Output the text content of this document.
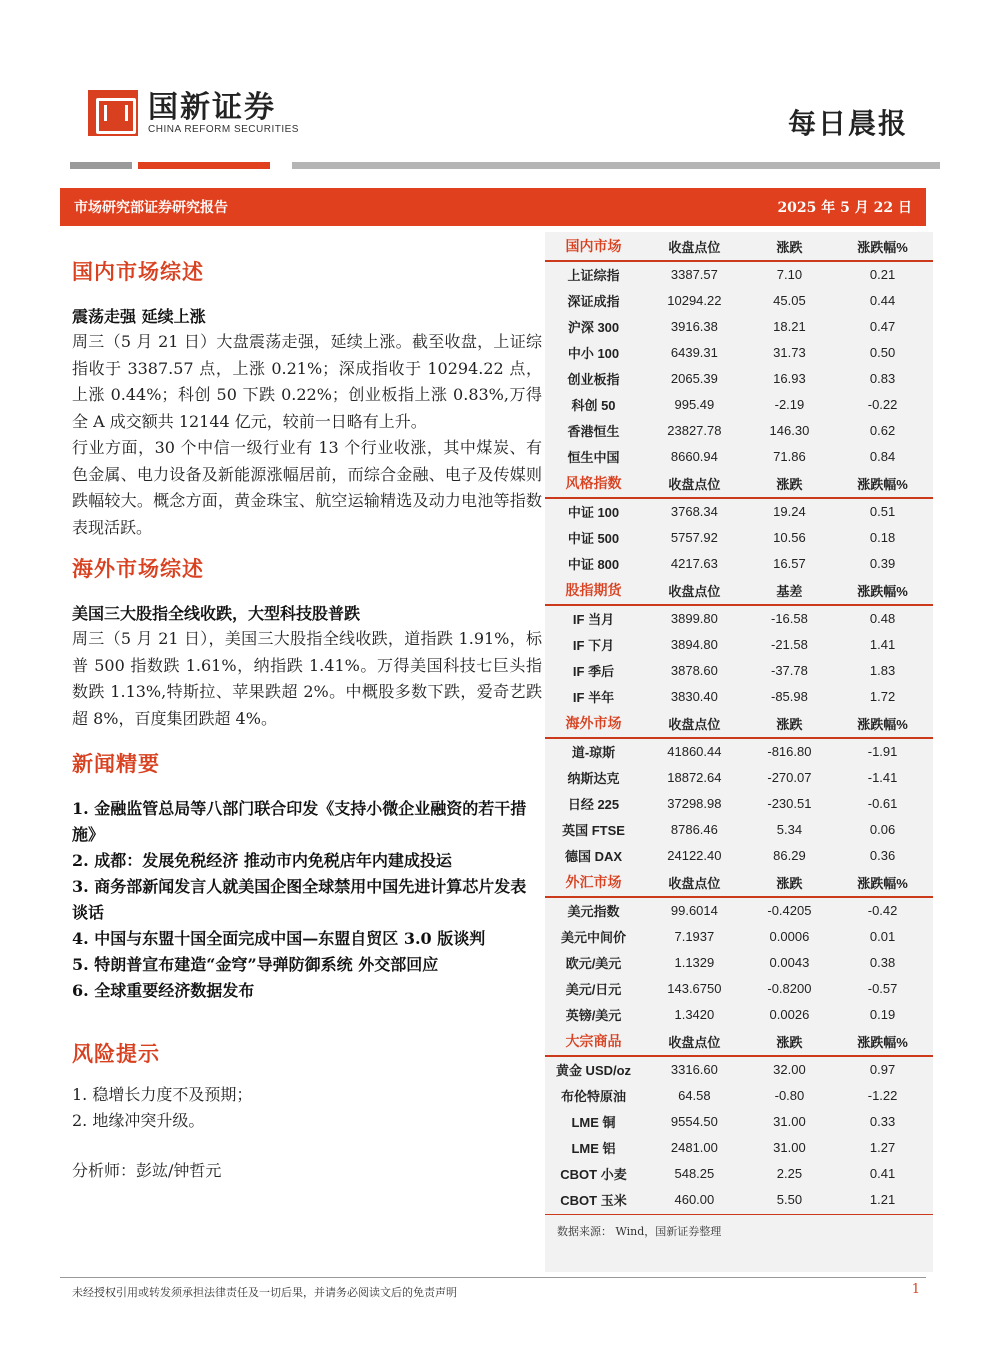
国新证券
CHINA REFORM SECURITIES	每日晨报
市场研究部证券研究报告	2025 年 5 月 22 日
国内市场综述
震荡走强 延续上涨

周三（5 月 21 日）大盘震荡走强，延续上涨。截至收盘，上证综指收于 3387.57 点，上涨 0.21%；深成指收于 10294.22 点，上涨 0.44%；科创 50 下跌 0.22%；创业板指上涨 0.83%,万得全 A 成交额共 12144 亿元，较前一日略有上升。

行业方面，30 个中信一级行业有 13 个行业收涨，其中煤炭、有色金属、电力设备及新能源涨幅居前，而综合金融、电子及传媒则跌幅较大。概念方面，黄金珠宝、航空运输精选及动力电池等指数表现活跃。

海外市场综述
美国三大股指全线收跌，大型科技股普跌

周三（5 月 21 日），美国三大股指全线收跌，道指跌 1.91%，标普 500 指数跌 1.61%，纳指跌 1.41%。万得美国科技七巨头指数跌 1.13%,特斯拉、苹果跌超 2%。中概股多数下跌，爱奇艺跌超 8%，百度集团跌超 4%。

新闻精要
1. 金融监管总局等八部门联合印发《支持小微企业融资的若干措施》
2. 成都：发展免税经济 推动市内免税店年内建成投运
3. 商务部新闻发言人就美国企图全球禁用中国先进计算芯片发表谈话
4. 中国与东盟十国全面完成中国—东盟自贸区 3.0 版谈判
5. 特朗普宣布建造“金穹”导弹防御系统 外交部回应
6. 全球重要经济数据发布
风险提示
1. 稳增长力度不及预期；
2. 地缘冲突升级。
分析师：彭竑/钟哲元
国内市场	收盘点位	涨跌	涨跌幅%
上证综指	3387.57	7.10	0.21
深证成指	10294.22	45.05	0.44
沪深 300	3916.38	18.21	0.47
中小 100	6439.31	31.73	0.50
创业板指	2065.39	16.93	0.83
科创 50	995.49	-2.19	-0.22
香港恒生	23827.78	146.30	0.62
恒生中国	8660.94	71.86	0.84
风格指数	收盘点位	涨跌	涨跌幅%
中证 100	3768.34	19.24	0.51
中证 500	5757.92	10.56	0.18
中证 800	4217.63	16.57	0.39
股指期货	收盘点位	基差	涨跌幅%
IF 当月	3899.80	-16.58	0.48
IF 下月	3894.80	-21.58	1.41
IF 季后	3878.60	-37.78	1.83
IF 半年	3830.40	-85.98	1.72
海外市场	收盘点位	涨跌	涨跌幅%
道-琼斯	41860.44	-816.80	-1.91
纳斯达克	18872.64	-270.07	-1.41
日经 225	37298.98	-230.51	-0.61
英国 FTSE	8786.46	5.34	0.06
德国 DAX	24122.40	86.29	0.36
外汇市场	收盘点位	涨跌	涨跌幅%
美元指数	99.6014	-0.4205	-0.42
美元中间价	7.1937	0.0006	0.01
欧元/美元	1.1329	0.0043	0.38
美元/日元	143.6750	-0.8200	-0.57
英镑/美元	1.3420	0.0026	0.19
大宗商品	收盘点位	涨跌	涨跌幅%
黄金 USD/oz	3316.60	32.00	0.97
布伦特原油	64.58	-0.80	-1.22
LME 铜	9554.50	31.00	0.33
LME 铝	2481.00	31.00	1.27
CBOT 小麦	548.25	2.25	0.41
CBOT 玉米	460.00	5.50	1.21
数据来源： Wind，国新证券整理
未经授权引用或转发须承担法律责任及一切后果，并请务必阅读文后的免责声明	1
